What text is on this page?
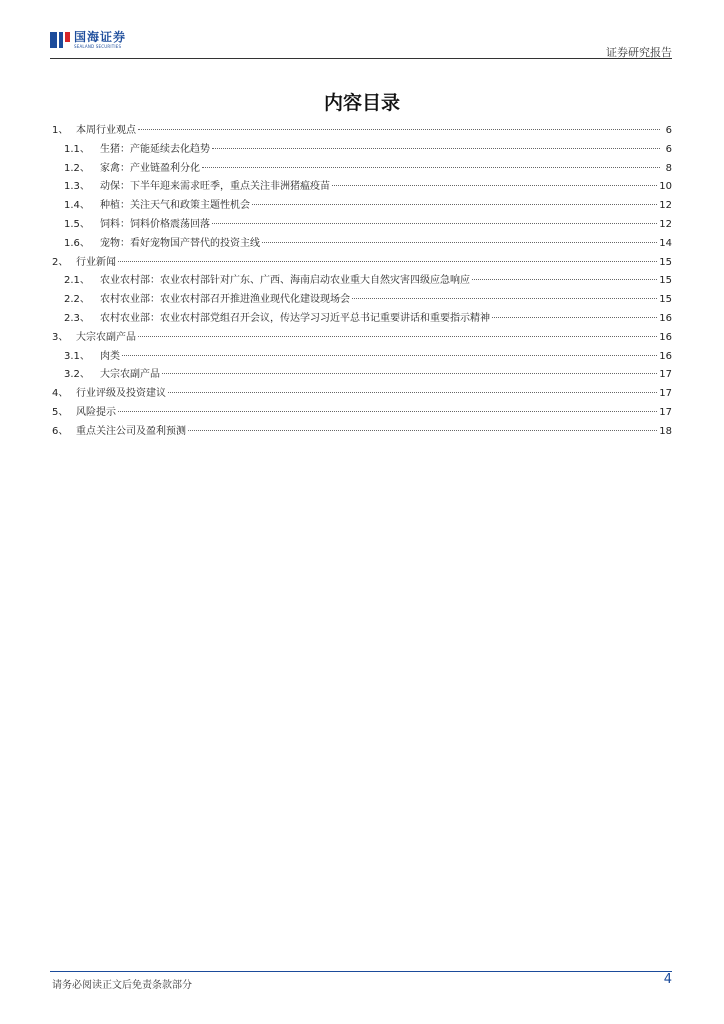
国海证券
SEALAND SECURITIES	证券研究报告
内容目录
1、 本周行业观点	6
1.1、	生猪：产能延续去化趋势	6
1.2、	家禽：产业链盈利分化	8
1.3、	动保：下半年迎来需求旺季，重点关注非洲猪瘟疫苗	10
1.4、	种植：关注天气和政策主题性机会	12
1.5、	饲料：饲料价格震荡回落	12
1.6、	宠物：看好宠物国产替代的投资主线	14
2、 行业新闻	15
2.1、	农业农村部：农业农村部针对广东、广西、海南启动农业重大自然灾害四级应急响应	15
2.2、	农村农业部：农业农村部召开推进渔业现代化建设现场会	15
2.3、	农村农业部：农业农村部党组召开会议，传达学习习近平总书记重要讲话和重要指示精神	16
3、 大宗农副产品	16
3.1、	肉类	16
3.2、	大宗农副产品	17
4、 行业评级及投资建议	17
5、 风险提示	17
6、 重点关注公司及盈利预测	18
请务必阅读正文后免责条款部分	4
